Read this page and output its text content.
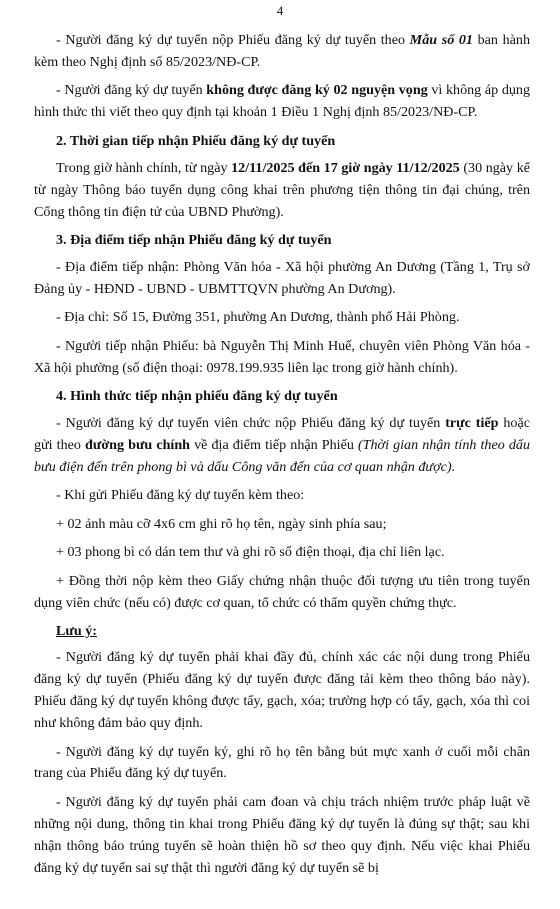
4

- Người đăng ký dự tuyển nộp Phiếu đăng ký dự tuyển theo Mẫu số 01 ban hành kèm theo Nghị định số 85/2023/NĐ-CP.

- Người đăng ký dự tuyển không được đăng ký 02 nguyện vọng vì không áp dụng hình thức thi viết theo quy định tại khoản 1 Điều 1 Nghị định 85/2023/NĐ-CP.

2. Thời gian tiếp nhận Phiếu đăng ký dự tuyển

Trong giờ hành chính, từ ngày 12/11/2025 đến 17 giờ ngày 11/12/2025 (30 ngày kể từ ngày Thông báo tuyển dụng công khai trên phương tiện thông tin đại chúng, trên Cổng thông tin điện tử của UBND Phường).

3. Địa điểm tiếp nhận Phiếu đăng ký dự tuyển

- Địa điểm tiếp nhận: Phòng Văn hóa - Xã hội phường An Dương (Tầng 1, Trụ sở Đảng ủy - HĐND - UBND - UBMTTQVN phường An Dương).

- Địa chỉ: Số 15, Đường 351, phường An Dương, thành phố Hải Phòng.

- Người tiếp nhận Phiếu: bà Nguyễn Thị Minh Huế, chuyên viên Phòng Văn hóa - Xã hội phường (số điện thoại: 0978.199.935 liên lạc trong giờ hành chính).

4. Hình thức tiếp nhận phiếu đăng ký dự tuyển

- Người đăng ký dự tuyển viên chức nộp Phiếu đăng ký dự tuyển trực tiếp hoặc gửi theo đường bưu chính về địa điểm tiếp nhận Phiếu (Thời gian nhận tính theo dấu bưu điện đến trên phong bì và dấu Công văn đến của cơ quan nhận được).

- Khi gửi Phiếu đăng ký dự tuyển kèm theo:

+ 02 ảnh màu cỡ 4x6 cm ghi rõ họ tên, ngày sinh phía sau;

+ 03 phong bì có dán tem thư và ghi rõ số điện thoại, địa chỉ liên lạc.

+ Đồng thời nộp kèm theo Giấy chứng nhận thuộc đối tượng ưu tiên trong tuyển dụng viên chức (nếu có) được cơ quan, tổ chức có thẩm quyền chứng thực.

Lưu ý:

- Người đăng ký dự tuyển phải khai đầy đủ, chính xác các nội dung trong Phiếu đăng ký dự tuyển (Phiếu đăng ký dự tuyển được đăng tải kèm theo thông báo này). Phiếu đăng ký dự tuyển không được tẩy, gạch, xóa; trường hợp có tẩy, gạch, xóa thì coi như không đảm bảo quy định.

- Người đăng ký dự tuyển ký, ghi rõ họ tên bằng bút mực xanh ở cuối mỗi chân trang của Phiếu đăng ký dự tuyển.

- Người đăng ký dự tuyển phải cam đoan và chịu trách nhiệm trước pháp luật về những nội dung, thông tin khai trong Phiếu đăng ký dự tuyển là đúng sự thật; sau khi nhận thông báo trúng tuyển sẽ hoàn thiện hồ sơ theo quy định. Nếu việc khai Phiếu đăng ký dự tuyển sai sự thật thì người đăng ký dự tuyển sẽ bị
